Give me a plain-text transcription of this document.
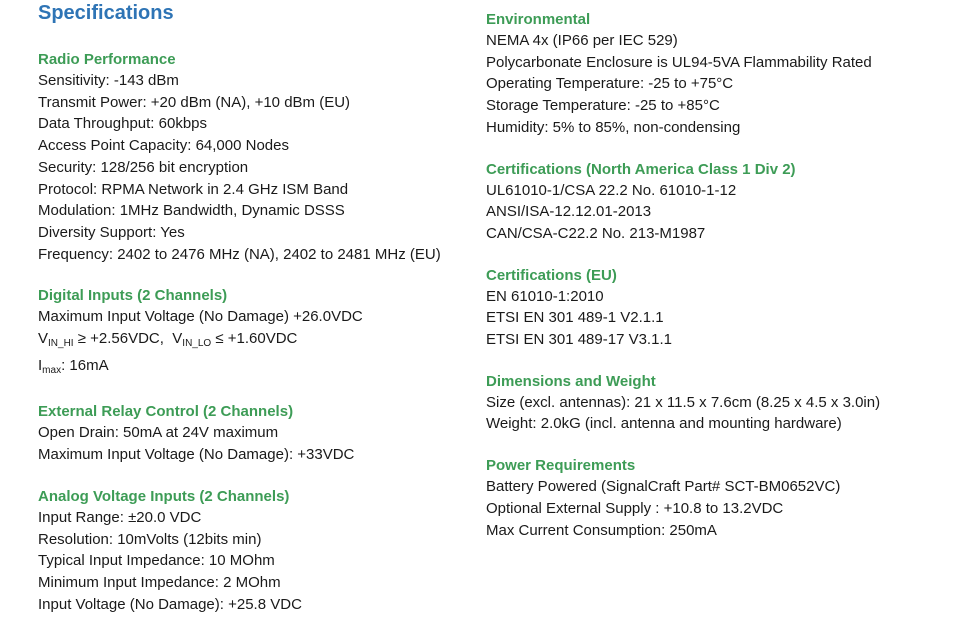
Specifications
Radio Performance
Sensitivity: -143 dBm
Transmit Power: +20 dBm (NA), +10 dBm (EU)
Data Throughput: 60kbps
Access Point Capacity: 64,000 Nodes
Security: 128/256 bit encryption
Protocol: RPMA Network in 2.4 GHz ISM Band
Modulation: 1MHz Bandwidth, Dynamic DSSS
Diversity Support: Yes
Frequency: 2402 to 2476 MHz (NA), 2402 to 2481 MHz (EU)
Digital Inputs (2 Channels)
Maximum Input Voltage (No Damage) +26.0VDC
$V_{IN\_HI} \ge +2.56VDC$, $V_{IN\_LO} \le +1.60VDC$
$I_{max}$: 16mA
External Relay Control (2 Channels)
Open Drain: 50mA at 24V maximum
Maximum Input Voltage (No Damage): +33VDC
Analog Voltage Inputs (2 Channels)
Input Range: ±20.0 VDC
Resolution: 10mVolts (12bits min)
Typical Input Impedance: 10 MOhm
Minimum Input Impedance: 2 MOhm
Input Voltage (No Damage): +25.8 VDC
Environmental
NEMA 4x (IP66 per IEC 529)
Polycarbonate Enclosure is UL94-5VA Flammability Rated
Operating Temperature: -25 to +75°C
Storage Temperature: -25 to +85°C
Humidity: 5% to 85%, non-condensing
Certifications (North America Class 1 Div 2)
UL61010-1/CSA 22.2 No. 61010-1-12
ANSI/ISA-12.12.01-2013
CAN/CSA-C22.2 No. 213-M1987
Certifications (EU)
EN 61010-1:2010
ETSI EN 301 489-1 V2.1.1
ETSI EN 301 489-17 V3.1.1
Dimensions and Weight
Size (excl. antennas): 21 x 11.5 x 7.6cm (8.25 x 4.5 x 3.0in)
Weight: 2.0kG (incl. antenna and mounting hardware)
Power Requirements
Battery Powered (SignalCraft Part# SCT-BM0652VC)
Optional External Supply : +10.8 to 13.2VDC
Max Current Consumption: 250mA
